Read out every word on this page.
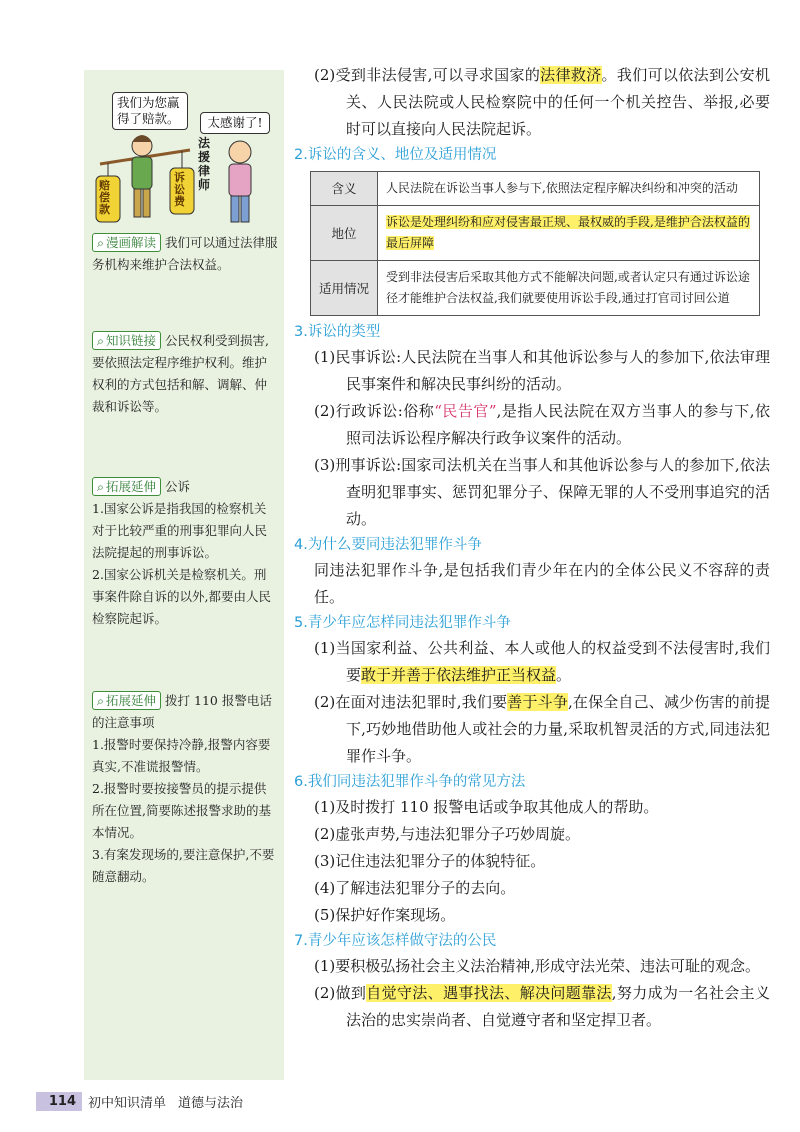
我们为您赢得了赔款。	太感谢了!
赔偿款
诉讼费
法援律师

⌕ 漫画解读 我们可以通过法律服务机构来维护合法权益。

⌕ 知识链接 公民权利受到损害,要依照法定程序维护权利。维护权利的方式包括和解、调解、仲裁和诉讼等。

⌕ 拓展延伸 公诉

1.国家公诉是指我国的检察机关对于比较严重的刑事犯罪向人民法院提起的刑事诉讼。

2.国家公诉机关是检察机关。刑事案件除自诉的以外,都要由人民检察院起诉。

⌕ 拓展延伸 拨打 110 报警电话的注意事项

1.报警时要保持冷静,报警内容要真实,不准谎报警情。

2.报警时要按接警员的提示提供所在位置,简要陈述报警求助的基本情况。

3.有案发现场的,要注意保护,不要随意翻动。

(2)受到非法侵害,可以寻求国家的法律救济。我们可以依法到公安机关、人民法院或人民检察院中的任何一个机关控告、举报,必要时可以直接向人民法院起诉。

2.诉讼的含义、地位及适用情况

含义	人民法院在诉讼当事人参与下,依照法定程序解决纠纷和冲突的活动
地位	诉讼是处理纠纷和应对侵害最正规、最权威的手段,是维护合法权益的最后屏障
适用情况	受到非法侵害后采取其他方式不能解决问题,或者认定只有通过诉讼途径才能维护合法权益,我们就要使用诉讼手段,通过打官司讨回公道

3.诉讼的类型

(1)民事诉讼:人民法院在当事人和其他诉讼参与人的参加下,依法审理民事案件和解决民事纠纷的活动。

(2)行政诉讼:俗称“民告官”,是指人民法院在双方当事人的参与下,依照司法诉讼程序解决行政争议案件的活动。

(3)刑事诉讼:国家司法机关在当事人和其他诉讼参与人的参加下,依法查明犯罪事实、惩罚犯罪分子、保障无罪的人不受刑事追究的活动。

4.为什么要同违法犯罪作斗争

同违法犯罪作斗争,是包括我们青少年在内的全体公民义不容辞的责任。

5.青少年应怎样同违法犯罪作斗争

(1)当国家利益、公共利益、本人或他人的权益受到不法侵害时,我们要敢于并善于依法维护正当权益。

(2)在面对违法犯罪时,我们要善于斗争,在保全自己、减少伤害的前提下,巧妙地借助他人或社会的力量,采取机智灵活的方式,同违法犯罪作斗争。

6.我们同违法犯罪作斗争的常见方法

(1)及时拨打 110 报警电话或争取其他成人的帮助。

(2)虚张声势,与违法犯罪分子巧妙周旋。

(3)记住违法犯罪分子的体貌特征。

(4)了解违法犯罪分子的去向。

(5)保护好作案现场。

7.青少年应该怎样做守法的公民

(1)要积极弘扬社会主义法治精神,形成守法光荣、违法可耻的观念。

(2)做到自觉守法、遇事找法、解决问题靠法,努力成为一名社会主义法治的忠实崇尚者、自觉遵守者和坚定捍卫者。

114 初中知识清单 道德与法治
